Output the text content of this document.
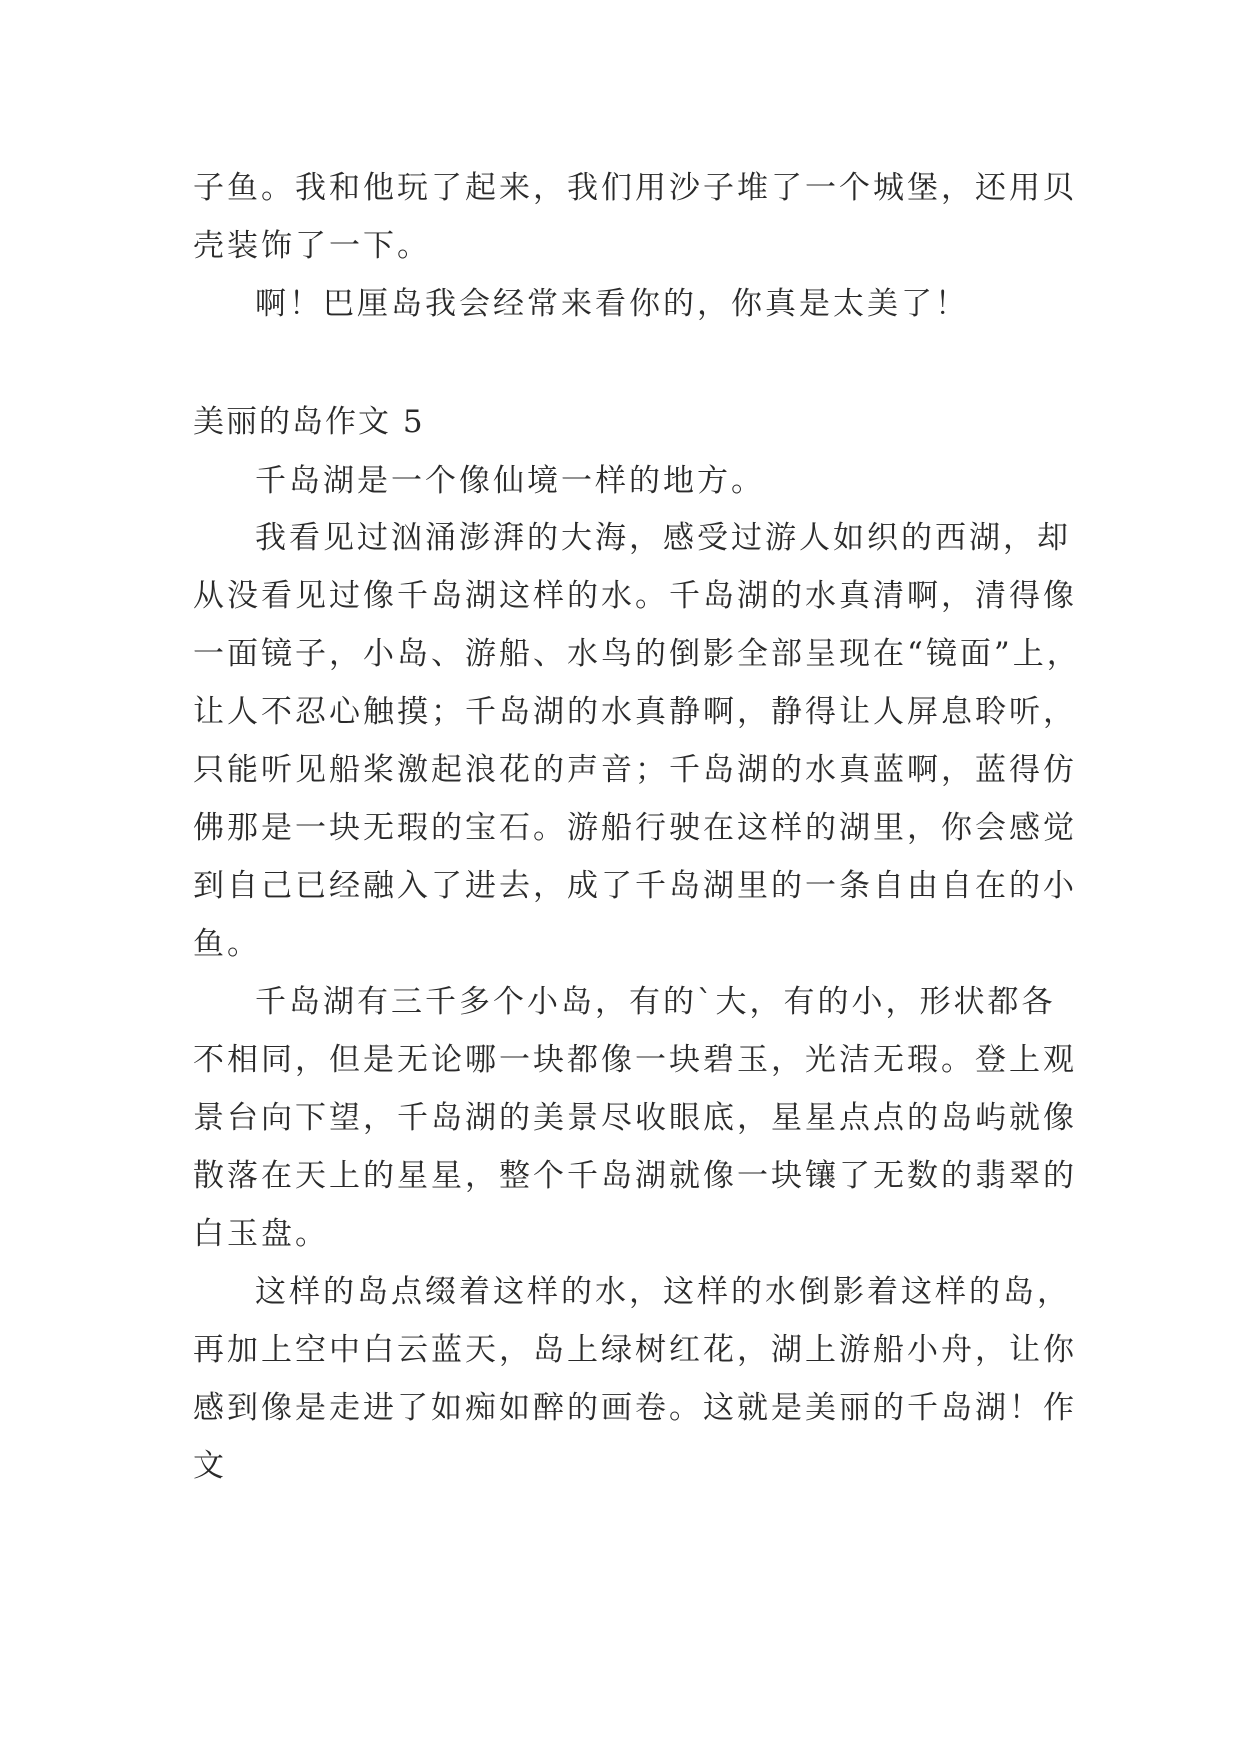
子鱼。我和他玩了起来，我们用沙子堆了一个城堡，还用贝
壳装饰了一下。
啊！巴厘岛我会经常来看你的，你真是太美了！
美丽的岛作文 5
千岛湖是一个像仙境一样的地方。
我看见过汹涌澎湃的大海，感受过游人如织的西湖，却
从没看见过像千岛湖这样的水。千岛湖的水真清啊，清得像
一面镜子，小岛、游船、水鸟的倒影全部呈现在“镜面”上，
让人不忍心触摸；千岛湖的水真静啊，静得让人屏息聆听，
只能听见船桨激起浪花的声音；千岛湖的水真蓝啊，蓝得仿
佛那是一块无瑕的宝石。游船行驶在这样的湖里，你会感觉
到自己已经融入了进去，成了千岛湖里的一条自由自在的小
鱼。
千岛湖有三千多个小岛，有的`大，有的小，形状都各
不相同，但是无论哪一块都像一块碧玉，光洁无瑕。登上观
景台向下望，千岛湖的美景尽收眼底，星星点点的岛屿就像
散落在天上的星星，整个千岛湖就像一块镶了无数的翡翠的
白玉盘。
这样的岛点缀着这样的水，这样的水倒影着这样的岛，
再加上空中白云蓝天，岛上绿树红花，湖上游船小舟，让你
感到像是走进了如痴如醉的画卷。这就是美丽的千岛湖！作
文
